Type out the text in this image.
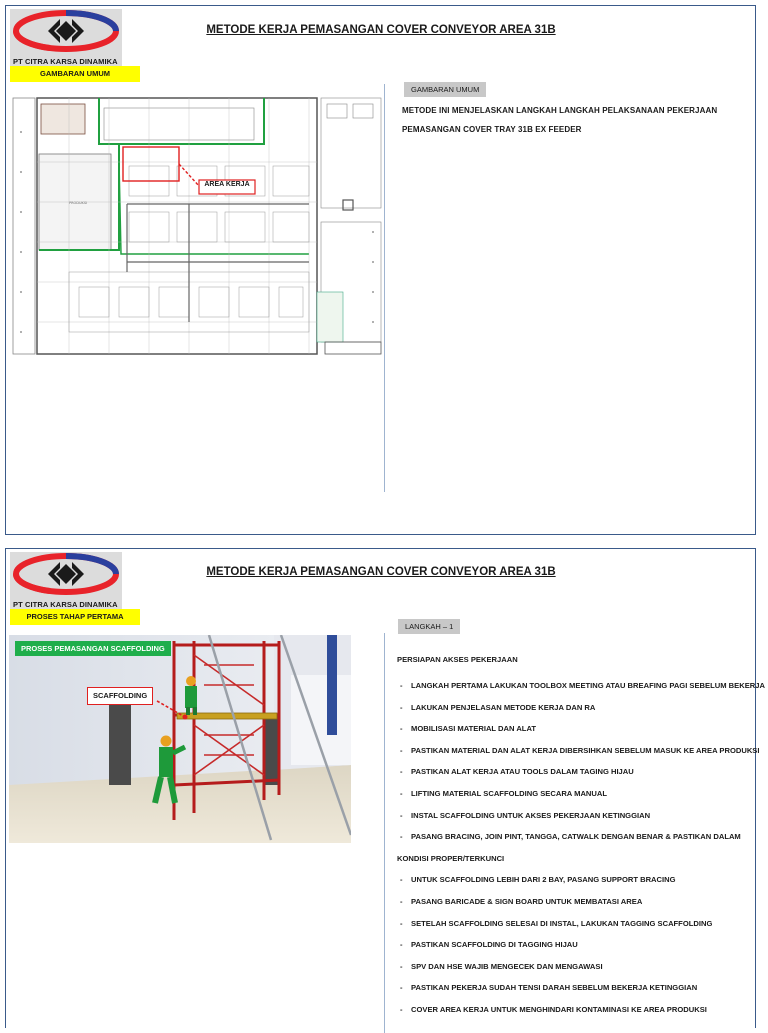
PT CITRA KARSA DINAMIKA
METODE KERJA PEMASANGAN COVER CONVEYOR AREA 31B
GAMBARAN UMUM
PRODUKSI
AREA KERJA
GAMBARAN UMUM
METODE INI MENJELASKAN LANGKAH LANGKAH PELAKSANAAN PEKERJAAN
PEMASANGAN COVER TRAY 31B EX FEEDER
PT CITRA KARSA DINAMIKA
METODE KERJA PEMASANGAN COVER CONVEYOR AREA 31B
PROSES TAHAP PERTAMA
PROSES PEMASANGAN SCAFFOLDING
SCAFFOLDING
LANGKAH – 1
PERSIAPAN AKSES PEKERJAAN
- LANGKAH PERTAMA LAKUKAN TOOLBOX MEETING ATAU BREAFING PAGI SEBELUM BEKERJA
- LAKUKAN PENJELASAN METODE KERJA DAN RA
- MOBILISASI MATERIAL DAN ALAT
- PASTIKAN MATERIAL DAN ALAT KERJA DIBERSIHKAN SEBELUM MASUK KE AREA PRODUKSI
- PASTIKAN ALAT KERJA ATAU TOOLS DALAM TAGING HIJAU
- LIFTING MATERIAL SCAFFOLDING SECARA MANUAL
- INSTAL SCAFFOLDING UNTUK AKSES PEKERJAAN KETINGGIAN
- PASANG BRACING, JOIN PINT, TANGGA, CATWALK DENGAN BENAR & PASTIKAN DALAM
KONDISI PROPER/TERKUNCI
- UNTUK SCAFFOLDING LEBIH DARI 2 BAY, PASANG SUPPORT BRACING
- PASANG BARICADE & SIGN BOARD UNTUK MEMBATASI AREA
- SETELAH SCAFFOLDING SELESAI DI INSTAL, LAKUKAN TAGGING SCAFFOLDING
- PASTIKAN SCAFFOLDING DI TAGGING HIJAU
- SPV DAN HSE WAJIB MENGECEK DAN MENGAWASI
- PASTIKAN PEKERJA SUDAH TENSI DARAH SEBELUM BEKERJA KETINGGIAN
- COVER AREA KERJA UNTUK MENGHINDARI KONTAMINASI KE AREA PRODUKSI
